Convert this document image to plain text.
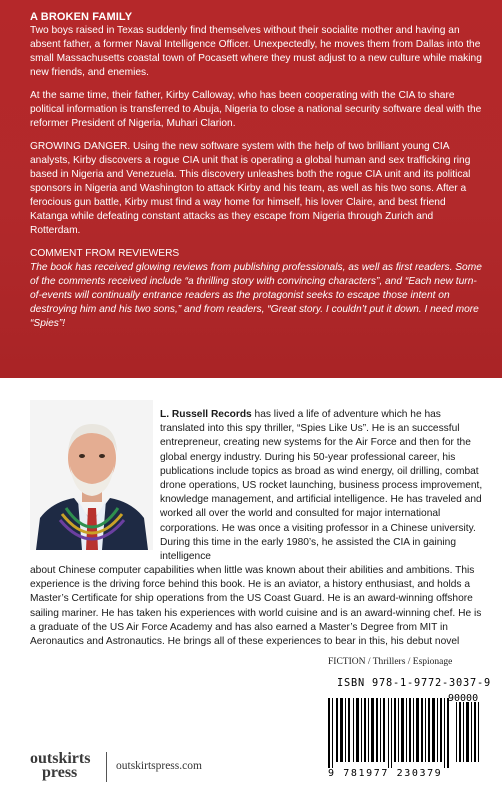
A BROKEN FAMILY

Two boys raised in Texas suddenly find themselves without their socialite mother and having an absent father, a former Naval Intelligence Officer. Unexpectedly, he moves them from Dallas into the small Massachusetts coastal town of Pocasett where they must adjust to a new culture while making new friends, and enemies.

At the same time, their father, Kirby Calloway, who has been cooperating with the CIA to share political information is transferred to Abuja, Nigeria to close a national security software deal with the reformer President of Nigeria, Muhari Clarion.

GROWING DANGER. Using the new software system with the help of two brilliant young CIA analysts, Kirby discovers a rogue CIA unit that is operating a global human and sex trafficking ring based in Nigeria and Venezuela. This discovery unleashes both the rogue CIA unit and its political sponsors in Nigeria and Washington to attack Kirby and his team, as well as his two sons. After a ferocious gun battle, Kirby must find a way home for himself, his lover Claire, and best friend Katanga while defeating constant attacks as they escape from Nigeria through Zurich and Rotterdam.

COMMENT FROM REVIEWERS

The book has received glowing reviews from publishing professionals, as well as first readers. Some of the comments received include “a thrilling story with convincing characters”, and “Each new turn-of-events will continually entrance readers as the protagonist seeks to escape those intent on destroying him and his two sons,” and from readers, “Great story. I couldn’t put it down. I need more “Spies”!

L. Russell Records has lived a life of adventure which he has translated into this spy thriller, “Spies Like Us”. He is an successful entrepreneur, creating new systems for the Air Force and then for the global energy industry. During his 50-year professional career, his publications include topics as broad as wind energy, oil drilling, combat drone operations, US rocket launching, business process improvement, knowledge management, and artificial intelligence. He has traveled and worked all over the world and consulted for major international corporations. He was once a visiting professor in a Chinese university. During this time in the early 1980’s, he assisted the CIA in gaining intelligence
about Chinese computer capabilities when little was known about their abilities and ambitions. This experience is the driving force behind this book. He is an aviator, a history enthusiast, and holds a Master’s Certificate for ship operations from the US Coast Guard. He is an award-winning offshore sailing mariner. He has taken his experiences with world cuisine and is an award-winning chef. He is a graduate of the US Air Force Academy and has also earned a Master’s Degree from MIT in Aeronautics and Astronautics. He brings all of these experiences to bear in this, his debut novel
FICTION / Thrillers / Espionage
ISBN 978-1-9772-3037-9
90000
9 781977 230379
outskirts
press	outskirtspress.com
